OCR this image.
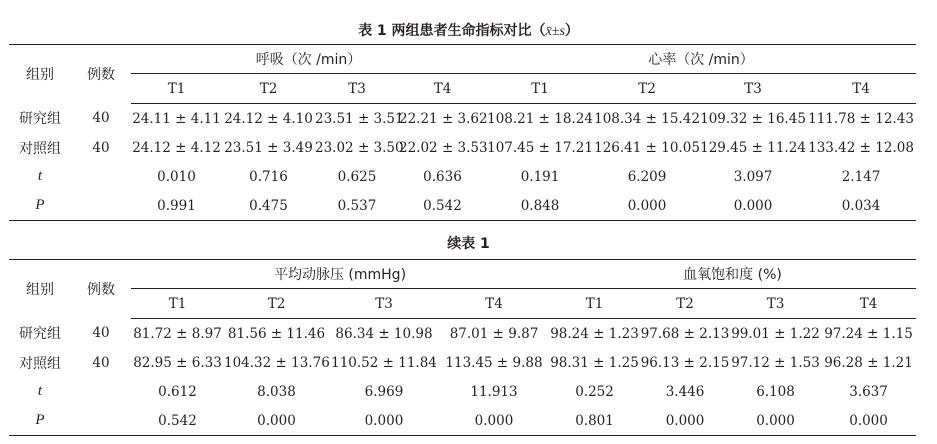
表 1 两组患者生命指标对比（x̄±s）
组别	例数	呼吸（次 /min）				心率（次 /min）			
		T1	T2	T3	T4	T1	T2	T3	T4
研究组	40	24.11 ± 4.11	24.12 ± 4.10	23.51 ± 3.51	22.21 ± 3.62	108.21 ± 18.24	108.34 ± 15.42	109.32 ± 16.45	111.78 ± 12.43
对照组	40	24.12 ± 4.12	23.51 ± 3.49	23.02 ± 3.50	22.02 ± 3.53	107.45 ± 17.21	126.41 ± 10.05	129.45 ± 11.24	133.42 ± 12.08
t		0.010	0.716	0.625	0.636	0.191	6.209	3.097	2.147
P		0.991	0.475	0.537	0.542	0.848	0.000	0.000	0.034
续表 1
组别	例数	平均动脉压 (mmHg)				血氧饱和度 (%)			
		T1	T2	T3	T4	T1	T2	T3	T4
研究组	40	81.72 ± 8.97	81.56 ± 11.46	86.34 ± 10.98	87.01 ± 9.87	98.24 ± 1.23	97.68 ± 2.13	99.01 ± 1.22	97.24 ± 1.15
对照组	40	82.95 ± 6.33	104.32 ± 13.76	110.52 ± 11.84	113.45 ± 9.88	98.31 ± 1.25	96.13 ± 2.15	97.12 ± 1.53	96.28 ± 1.21
t		0.612	8.038	6.969	11.913	0.252	3.446	6.108	3.637
P		0.542	0.000	0.000	0.000	0.801	0.000	0.000	0.000
